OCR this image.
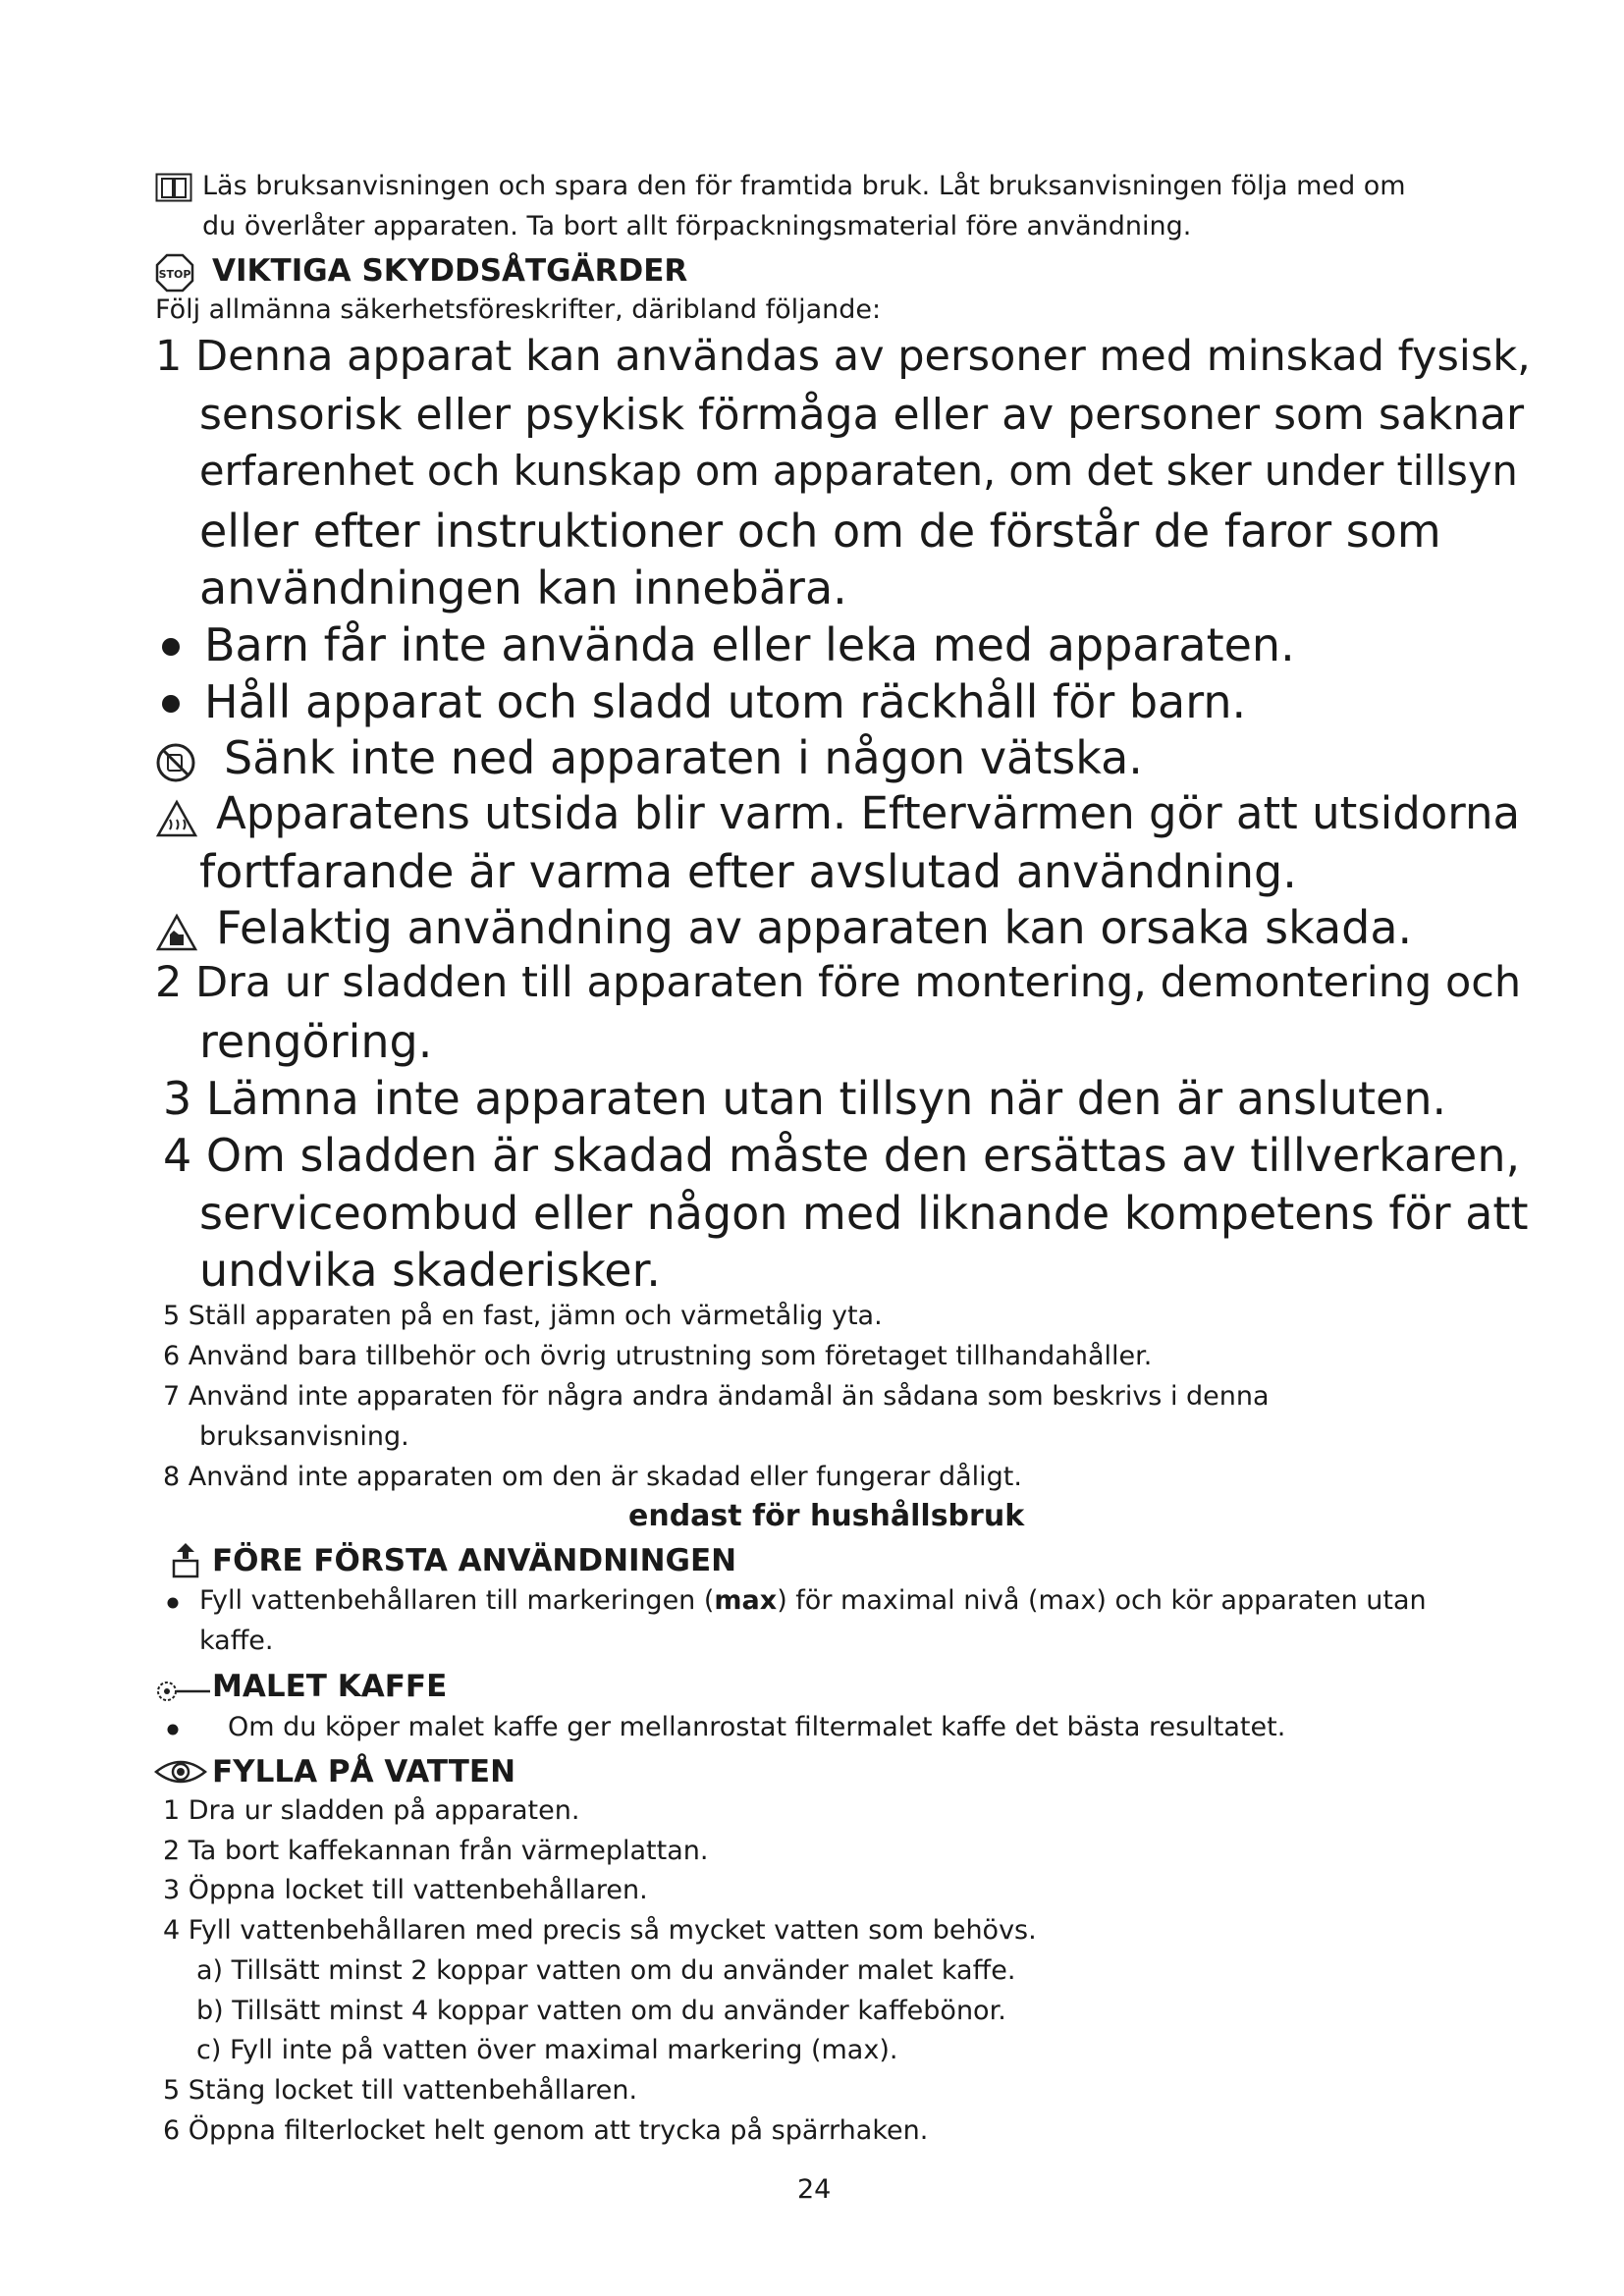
Läs bruksanvisningen och spara den för framtida bruk. Låt bruksanvisningen följa med om
du överlåter apparaten. Ta bort allt förpackningsmaterial före användning.
STOP VIKTIGA SKYDDSÅTGÄRDER
Följ allmänna säkerhetsföreskrifter, däribland följande:
1 Denna apparat kan användas av personer med minskad fysisk,
sensorisk eller psykisk förmåga eller av personer som saknar
erfarenhet och kunskap om apparaten, om det sker under tillsyn
eller efter instruktioner och om de förstår de faror som
användningen kan innebära.
Barn får inte använda eller leka med apparaten.
Håll apparat och sladd utom räckhåll för barn.
Sänk inte ned apparaten i någon vätska.
Apparatens utsida blir varm. Eftervärmen gör att utsidorna
fortfarande är varma efter avslutad användning.
Felaktig användning av apparaten kan orsaka skada.
2 Dra ur sladden till apparaten före montering, demontering och
rengöring.
3 Lämna inte apparaten utan tillsyn när den är ansluten.
4 Om sladden är skadad måste den ersättas av tillverkaren,
serviceombud eller någon med liknande kompetens för att
undvika skaderisker.
5 Ställ apparaten på en fast, jämn och värmetålig yta.
6 Använd bara tillbehör och övrig utrustning som företaget tillhandahåller.
7 Använd inte apparaten för några andra ändamål än sådana som beskrivs i denna
bruksanvisning.
8 Använd inte apparaten om den är skadad eller fungerar dåligt.
endast för hushållsbruk
FÖRE FÖRSTA ANVÄNDNINGEN
Fyll vattenbehållaren till markeringen (max) för maximal nivå (max) och kör apparaten utan
kaffe.
MALET KAFFE
Om du köper malet kaffe ger mellanrostat filtermalet kaffe det bästa resultatet.
FYLLA PÅ VATTEN
1 Dra ur sladden på apparaten.
2 Ta bort kaffekannan från värmeplattan.
3 Öppna locket till vattenbehållaren.
4 Fyll vattenbehållaren med precis så mycket vatten som behövs.
a) Tillsätt minst 2 koppar vatten om du använder malet kaffe.
b) Tillsätt minst 4 koppar vatten om du använder kaffebönor.
c) Fyll inte på vatten över maximal markering (max).
5 Stäng locket till vattenbehållaren.
6 Öppna filterlocket helt genom att trycka på spärrhaken.
24
